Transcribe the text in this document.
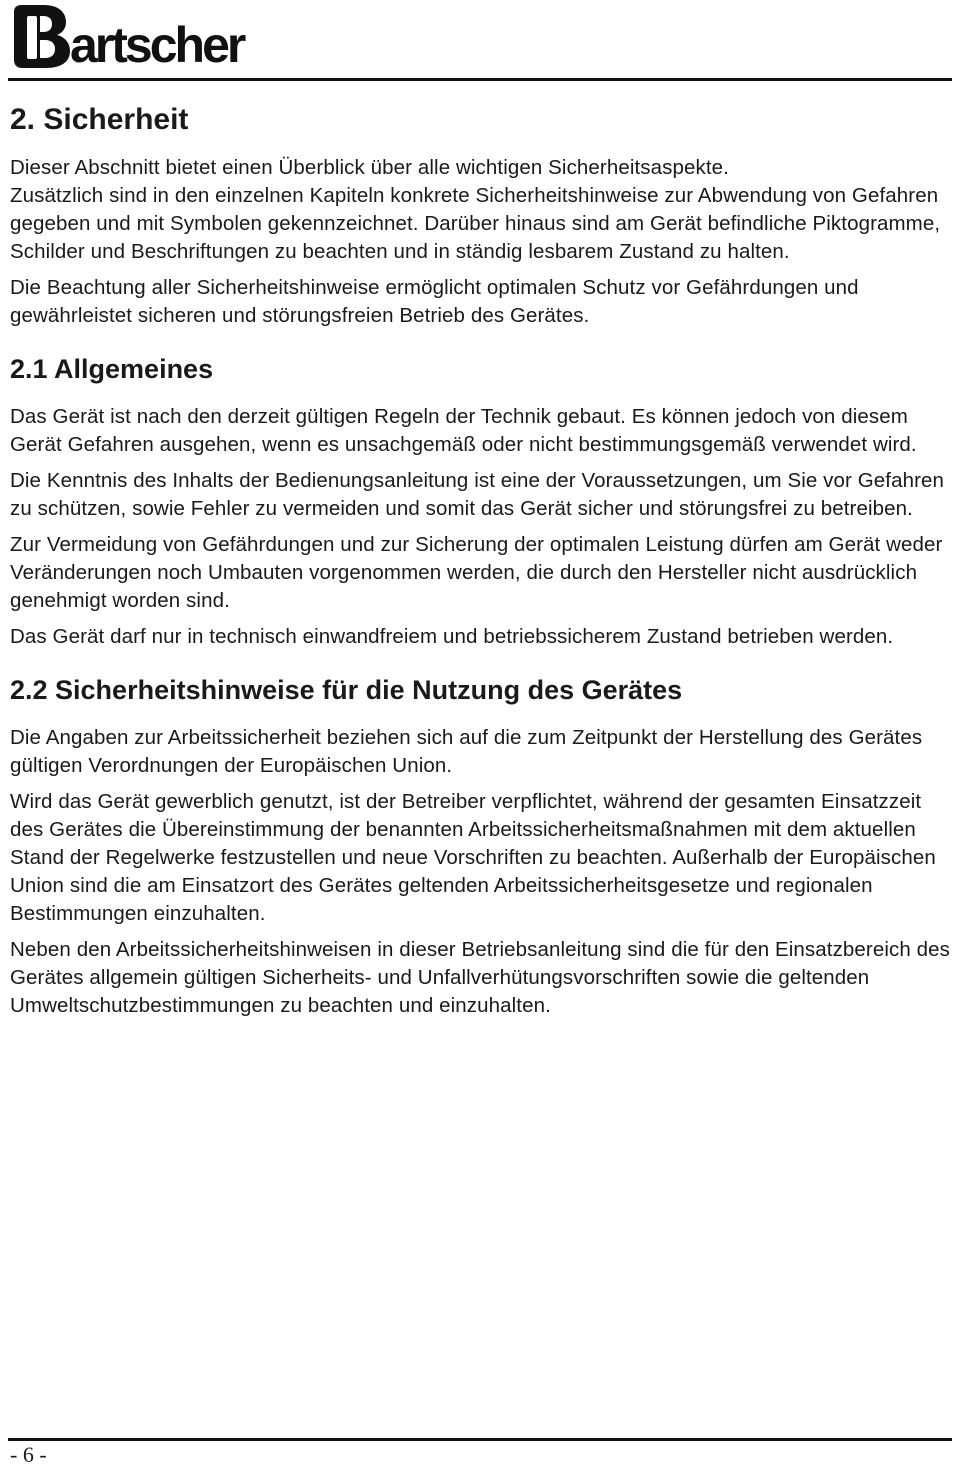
artscher
2. Sicherheit

Dieser Abschnitt bietet einen Überblick über alle wichtigen Sicherheitsaspekte.

Zusätzlich sind in den einzelnen Kapiteln konkrete Sicherheitshinweise zur Abwendung von Gefahren gegeben und mit Symbolen gekennzeichnet. Darüber hinaus sind am Gerät befindliche Piktogramme, Schilder und Beschriftungen zu beachten und in ständig lesbarem Zustand zu halten.

Die Beachtung aller Sicherheitshinweise ermöglicht optimalen Schutz vor Gefährdungen und gewährleistet sicheren und störungsfreien Betrieb des Gerätes.

2.1 Allgemeines

Das Gerät ist nach den derzeit gültigen Regeln der Technik gebaut. Es können jedoch von diesem Gerät Gefahren ausgehen, wenn es unsachgemäß oder nicht bestimmungsgemäß verwendet wird.

Die Kenntnis des Inhalts der Bedienungsanleitung ist eine der Voraussetzungen, um Sie vor Gefahren zu schützen, sowie Fehler zu vermeiden und somit das Gerät sicher und störungsfrei zu betreiben.

Zur Vermeidung von Gefährdungen und zur Sicherung der optimalen Leistung dürfen am Gerät weder Veränderungen noch Umbauten vorgenommen werden, die durch den Hersteller nicht ausdrücklich genehmigt worden sind.

Das Gerät darf nur in technisch einwandfreiem und betriebssicherem Zustand betrieben werden.

2.2 Sicherheitshinweise für die Nutzung des Gerätes

Die Angaben zur Arbeitssicherheit beziehen sich auf die zum Zeitpunkt der Herstellung des Gerätes gültigen Verordnungen der Europäischen Union.

Wird das Gerät gewerblich genutzt, ist der Betreiber verpflichtet, während der gesamten Einsatzzeit des Gerätes die Übereinstimmung der benannten Arbeitssicherheitsmaßnahmen mit dem aktuellen Stand der Regelwerke festzustellen und neue Vorschriften zu beachten. Außerhalb der Europäischen Union sind die am Einsatzort des Gerätes geltenden Arbeitssicherheitsgesetze und regionalen Bestimmungen einzuhalten.

Neben den Arbeitssicherheitshinweisen in dieser Betriebsanleitung sind die für den Einsatzbereich des Gerätes allgemein gültigen Sicherheits- und Unfallverhütungsvorschriften sowie die geltenden Umweltschutzbestimmungen zu beachten und einzuhalten.

- 6 -
